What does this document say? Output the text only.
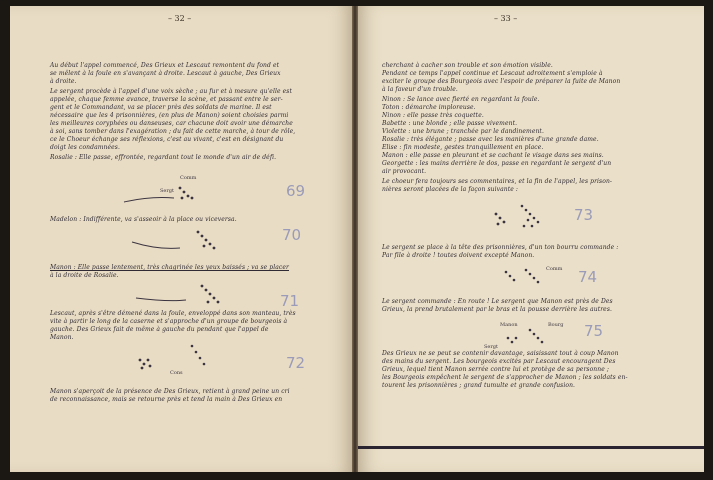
– 32 –

Au début l'appel commencé, Des Grieux et Lescaut remontent du fond et

se mêlent à la foule en s'avançant à droite. Lescaut à gauche, Des Grieux

à droite.

Le sergent procède à l'appel d'une voix sèche ; au fur et à mesure qu'elle est

appelée, chaque femme avance, traverse la scène, et passant entre le ser-

gent et le Commandant, va se placer près des soldats de marine. Il est

nécessaire que les 4 prisonnières, (en plus de Manon) soient choisies parmi

les meilleures coryphées ou danseuses, car chacune doit avoir une démarche

à soi, sans tomber dans l'exagération ; du fait de cette marche, à tour de rôle,

ce le Choeur échange ses réflexions, c'est au vivant, c'est en désignant du

doigt les condamnées.

Rosalie : Elle passe, effrontée, regardant tout le monde d'un air de défi.

Comm
Sergt	69

Madelon : Indifférente, va s'asseoir à la place ou viceversa.

70

Manon : Elle passe lentement, très chagrinée les yeux baissés ; va se placer

à la droite de Rosalie.

71

Lescaut, après s'être démené dans la foule, enveloppé dans son manteau, très

vite à partir le long de la caserne et s'approche d'un groupe de bourgeois à

gauche. Des Grieux fait de même à gauche du pendant que l'appel de

Manon.

Cons
72

Manon s'aperçoit de la présence de Des Grieux, retient à grand peine un cri

de reconnaissance, mais se retourne près et tend la main à Des Grieux en

– 33 –

cherchant à cacher son trouble et son émotion visible.

Pendant ce temps l'appel continue et Lescaut adroitement s'emploie à

exciter le groupe des Bourgeois avec l'espoir de préparer la fuite de Manon

à la faveur d'un trouble.

Ninon : Se lance avec fierté en regardant la foule.

Toton : démarche imploreuse.

Ninon : elle passe très coquette.

Babette : une blonde ; elle passe vivement.

Violette : une brune ; tranchée par le dandinement.

Rosalie : très élégante ; passe avec les manières d'une grande dame.

Elise : fin modeste, gestes tranquillement en place.

Manon : elle passe en pleurant et se cachant le visage dans ses mains.

Georgette : les mains derrière le dos, passe en regardant le sergent d'un

air provocant.

Le choeur fera toujours ses commentaires, et la fin de l'appel, les prison-

nières seront placées de la façon suivante :

73

Le sergent se place à la tête des prisonnières, d'un ton bourru commande :

Par file à droite ! toutes doivent excepté Manon.

Comm 74

Le sergent commande : En route ! Le sergent que Manon est près de Des

Grieux, la prend brutalement par le bras et la pousse derrière les autres.

Manon
Sergt
Bourg 75

Des Grieux ne se peut se contenir davantage, saisissant tout à coup Manon

des mains du sergent. Les bourgeois excités par Lescaut encouragent Des

Grieux, lequel tient Manon serrée contre lui et protège de sa personne ;

les Bourgeois empêchent le sergent de s'approcher de Manon ; les soldats en-

tourent les prisonnières ; grand tumulte et grande confusion.
